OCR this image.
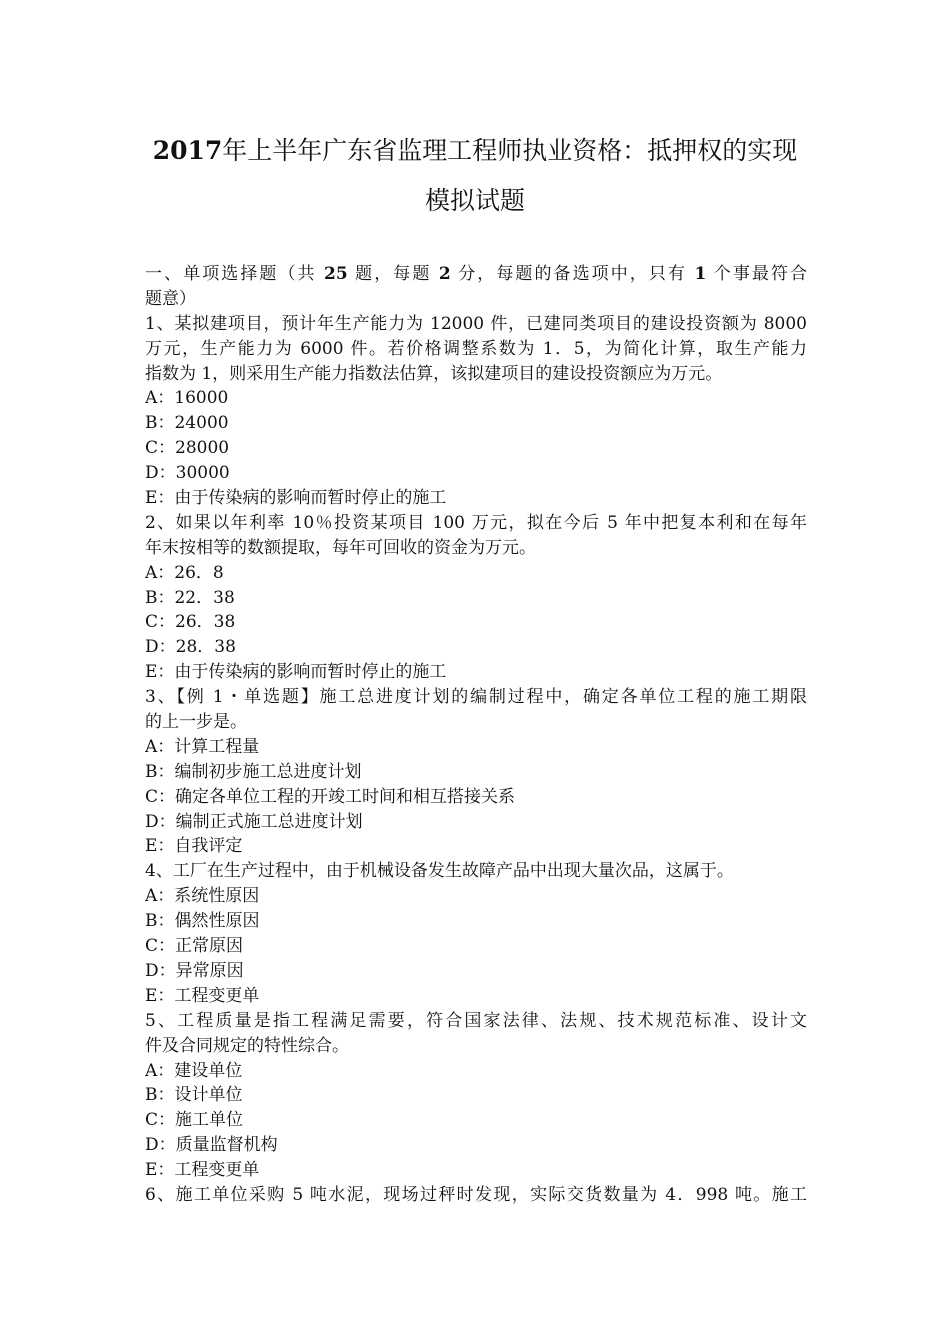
2017年上半年广东省监理工程师执业资格：抵押权的实现
模拟试题
一、单项选择题（共 25 题，每题 2 分，每题的备选项中，只有 1 个事最符合
题意）
1、某拟建项目，预计年生产能力为 12000 件，已建同类项目的建设投资额为 8000
万元，生产能力为 6000 件。若价格调整系数为 1．5，为简化计算，取生产能力
指数为 1，则采用生产能力指数法估算，该拟建项目的建设投资额应为万元。
A：16000
B：24000
C：28000
D：30000
E：由于传染病的影响而暂时停止的施工
2、如果以年利率 10％投资某项目 100 万元，拟在今后 5 年中把复本利和在每年
年末按相等的数额提取，每年可回收的资金为万元。
A：26．8
B：22．38
C：26．38
D：28．38
E：由于传染病的影响而暂时停止的施工
3、【例 1・单选题】施工总进度计划的编制过程中，确定各单位工程的施工期限
的上一步是。
A：计算工程量
B：编制初步施工总进度计划
C：确定各单位工程的开竣工时间和相互搭接关系
D：编制正式施工总进度计划
E：自我评定
4、工厂在生产过程中，由于机械设备发生故障产品中出现大量次品，这属于。
A：系统性原因
B：偶然性原因
C：正常原因
D：异常原因
E：工程变更单
5、工程质量是指工程满足需要，符合国家法律、法规、技术规范标准、设计文
件及合同规定的特性综合。
A：建设单位
B：设计单位
C：施工单位
D：质量监督机构
E：工程变更单
6、施工单位采购 5 吨水泥，现场过秤时发现，实际交货数量为 4．998 吨。施工
